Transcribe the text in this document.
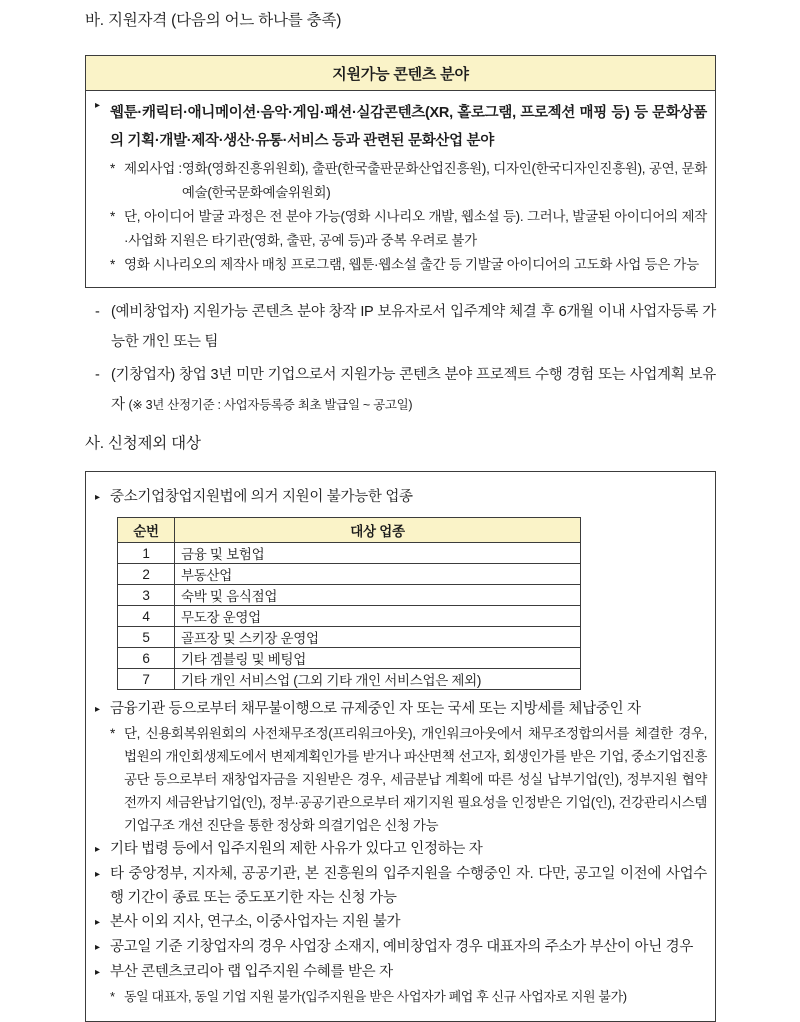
바. 지원자격 (다음의 어느 하나를 충족)
지원가능 콘텐츠 분야
▸ 웹툰·캐릭터·애니메이션·음악·게임·패션·실감콘텐츠(XR, 홀로그램, 프로젝션 매핑 등) 등 문화상품의 기획·개발·제작·생산·유통·서비스 등과 관련된 문화산업 분야

* 제외사업 : 영화(영화진흥위원회), 출판(한국출판문화산업진흥원), 디자인(한국디자인진흥원), 공연, 문화예술(한국문화예술위원회)
* 단, 아이디어 발굴 과정은 전 분야 가능(영화 시나리오 개발, 웹소설 등). 그러나, 발굴된 아이디어의 제작·사업화 지원은 타기관(영화, 출판, 공예 등)과 중복 우려로 불가
* 영화 시나리오의 제작사 매칭 프로그램, 웹툰·웹소설 출간 등 기발굴 아이디어의 고도화 사업 등은 가능
- (예비창업자) 지원가능 콘텐츠 분야 창작 IP 보유자로서 입주계약 체결 후 6개월 이내 사업자등록 가능한 개인 또는 팀

- (기창업자) 창업 3년 미만 기업으로서 지원가능 콘텐츠 분야 프로젝트 수행 경험 또는 사업계획 보유자 (※ 3년 산정기준 : 사업자등록증 최초 발급일 ~ 공고일)

사. 신청제외 대상
▸ 중소기업창업지원법에 의거 지원이 불가능한 업종

순번	대상 업종
1	금융 및 보험업
2	부동산업
3	숙박 및 음식점업
4	무도장 운영업
5	골프장 및 스키장 운영업
6	기타 겜블링 및 베팅업
7	기타 개인 서비스업 (그외 기타 개인 서비스업은 제외)
▸ 금융기관 등으로부터 채무불이행으로 규제중인 자 또는 국세 또는 지방세를 체납중인 자

* 단, 신용회복위원회의 사전채무조정(프리워크아웃), 개인워크아웃에서 채무조정합의서를 체결한 경우, 법원의 개인회생제도에서 변제계획인가를 받거나 파산면책 선고자, 회생인가를 받은 기업, 중소기업진흥공단 등으로부터 재창업자금을 지원받은 경우, 세금분납 계획에 따른 성실 납부기업(인), 정부지원 협약 전까지 세금완납기업(인), 정부·공공기관으로부터 재기지원 필요성을 인정받은 기업(인), 건강관리시스템 기업구조 개선 진단을 통한 정상화 의결기업은 신청 가능
▸ 기타 법령 등에서 입주지원의 제한 사유가 있다고 인정하는 자

▸ 타 중앙정부, 지자체, 공공기관, 본 진흥원의 입주지원을 수행중인 자. 다만, 공고일 이전에 사업수행 기간이 종료 또는 중도포기한 자는 신청 가능

▸ 본사 이외 지사, 연구소, 이중사업자는 지원 불가

▸ 공고일 기준 기창업자의 경우 사업장 소재지, 예비창업자 경우 대표자의 주소가 부산이 아닌 경우

▸ 부산 콘텐츠코리아 랩 입주지원 수혜를 받은 자

* 동일 대표자, 동일 기업 지원 불가(입주지원을 받은 사업자가 폐업 후 신규 사업자로 지원 불가)
